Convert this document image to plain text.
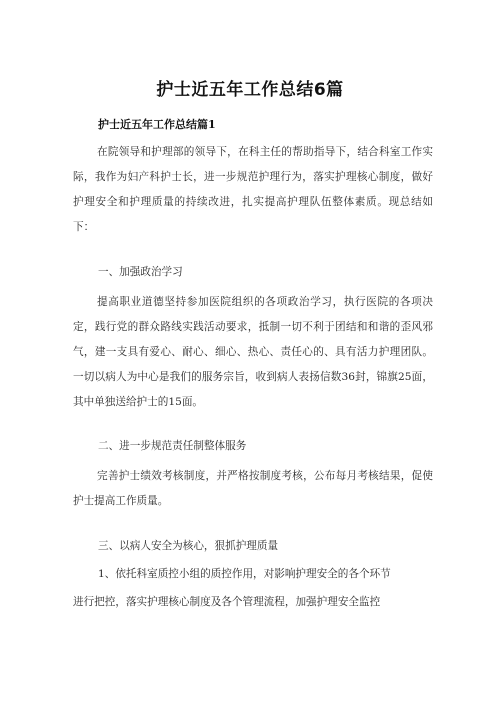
护士近五年工作总结6篇
护士近五年工作总结篇1

在院领导和护理部的领导下，在科主任的帮助指导下，结合科室工作实际，我作为妇产科护士长，进一步规范护理行为，落实护理核心制度，做好护理安全和护理质量的持续改进，扎实提高护理队伍整体素质。现总结如下：

一、加强政治学习

提高职业道德坚持参加医院组织的各项政治学习，执行医院的各项决定，践行党的群众路线实践活动要求，抵制一切不利于团结和和谐的歪风邪气，建一支具有爱心、耐心、细心、热心、责任心的、具有活力护理团队。一切以病人为中心是我们的服务宗旨，收到病人表扬信数36封，锦旗25面，其中单独送给护士的15面。

二、进一步规范责任制整体服务

完善护士绩效考核制度，并严格按制度考核，公布每月考核结果，促使护士提高工作质量。

三、以病人安全为核心，狠抓护理质量

1、依托科室质控小组的质控作用，对影响护理安全的各个环节

进行把控，落实护理核心制度及各个管理流程，加强护理安全监控
